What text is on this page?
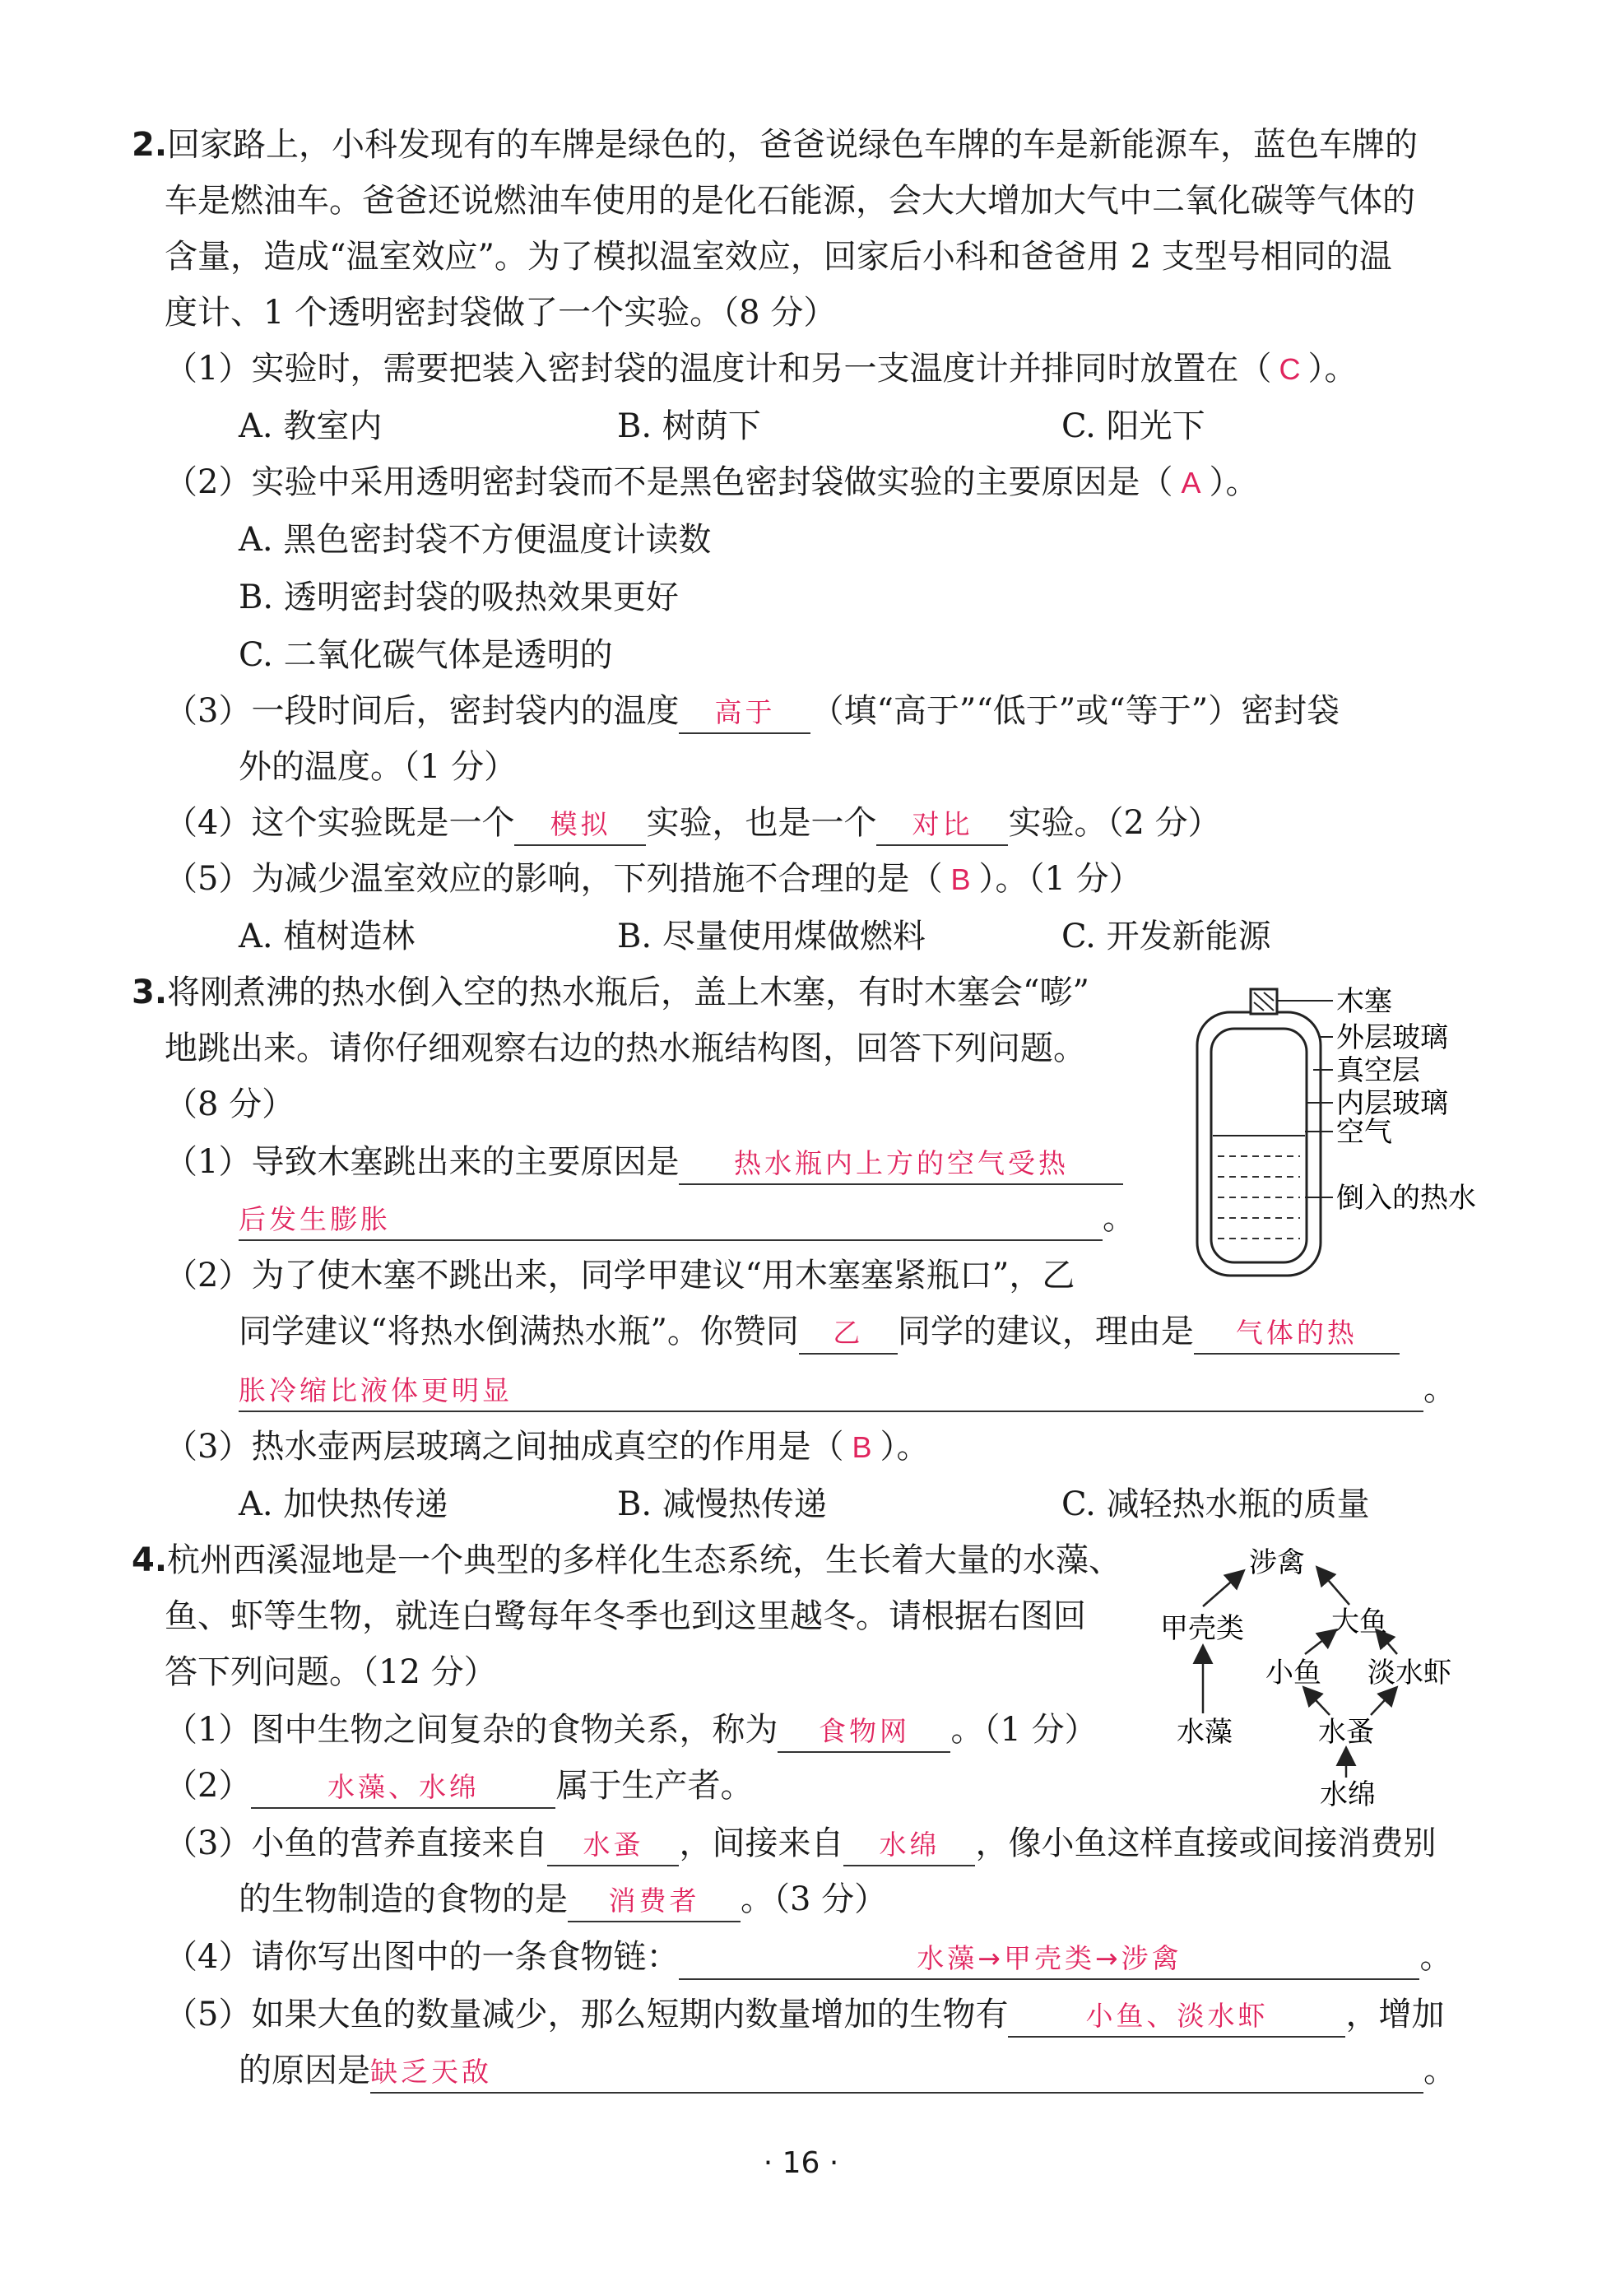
2.回家路上，小科发现有的车牌是绿色的，爸爸说绿色车牌的车是新能源车，蓝色车牌的
车是燃油车。爸爸还说燃油车使用的是化石能源，会大大增加大气中二氧化碳等气体的
含量，造成“温室效应”。为了模拟温室效应，回家后小科和爸爸用 2 支型号相同的温
度计、1 个透明密封袋做了一个实验。（8 分）
（1）实验时，需要把装入密封袋的温度计和另一支温度计并排同时放置在（ C ）。
A. 教室内	B. 树荫下	C. 阳光下
（2）实验中采用透明密封袋而不是黑色密封袋做实验的主要原因是（ A ）。
A. 黑色密封袋不方便温度计读数
B. 透明密封袋的吸热效果更好
C. 二氧化碳气体是透明的
（3）一段时间后，密封袋内的温度 高于 （填“高于”“低于”或“等于”）密封袋
外的温度。（1 分）
（4）这个实验既是一个 模拟 实验，也是一个 对比 实验。（2 分）
（5）为减少温室效应的影响，下列措施不合理的是（ B ）。（1 分）
A. 植树造林	B. 尽量使用煤做燃料	C. 开发新能源
3.将刚煮沸的热水倒入空的热水瓶后，盖上木塞，有时木塞会“嘭”
地跳出来。请你仔细观察右边的热水瓶结构图，回答下列问题。
（8 分）
（1）导致木塞跳出来的主要原因是 热水瓶内上方的空气受热
后发生膨胀	。
（2）为了使木塞不跳出来，同学甲建议“用木塞塞紧瓶口”，乙
同学建议“将热水倒满热水瓶”。你赞同 乙 同学的建议，理由是 气体的热
胀冷缩比液体更明显	。
（3）热水壶两层玻璃之间抽成真空的作用是（ B ）。
A. 加快热传递	B. 减慢热传递	C. 减轻热水瓶的质量
木塞
外层玻璃
真空层
内层玻璃
空气
倒入的热水
4.杭州西溪湿地是一个典型的多样化生态系统，生长着大量的水藻、
鱼、虾等生物，就连白鹭每年冬季也到这里越冬。请根据右图回
答下列问题。（12 分）
（1）图中生物之间复杂的食物关系，称为 食物网 。（1 分）
（2）	水藻、水绵 属于生产者。
（3）小鱼的营养直接来自 水蚤 ，间接来自 水绵 ，像小鱼这样直接或间接消费别
的生物制造的食物的是 消费者 。（3 分）
（4）请你写出图中的一条食物链：	水藻→甲壳类→涉禽	。
（5）如果大鱼的数量减少，那么短期内数量增加的生物有	小鱼、淡水虾 ，增加
的原因是缺乏天敌	。
涉禽
甲壳类	大鱼
小鱼 淡水虾
水藻	水蚤
水绵
· 16 ·
